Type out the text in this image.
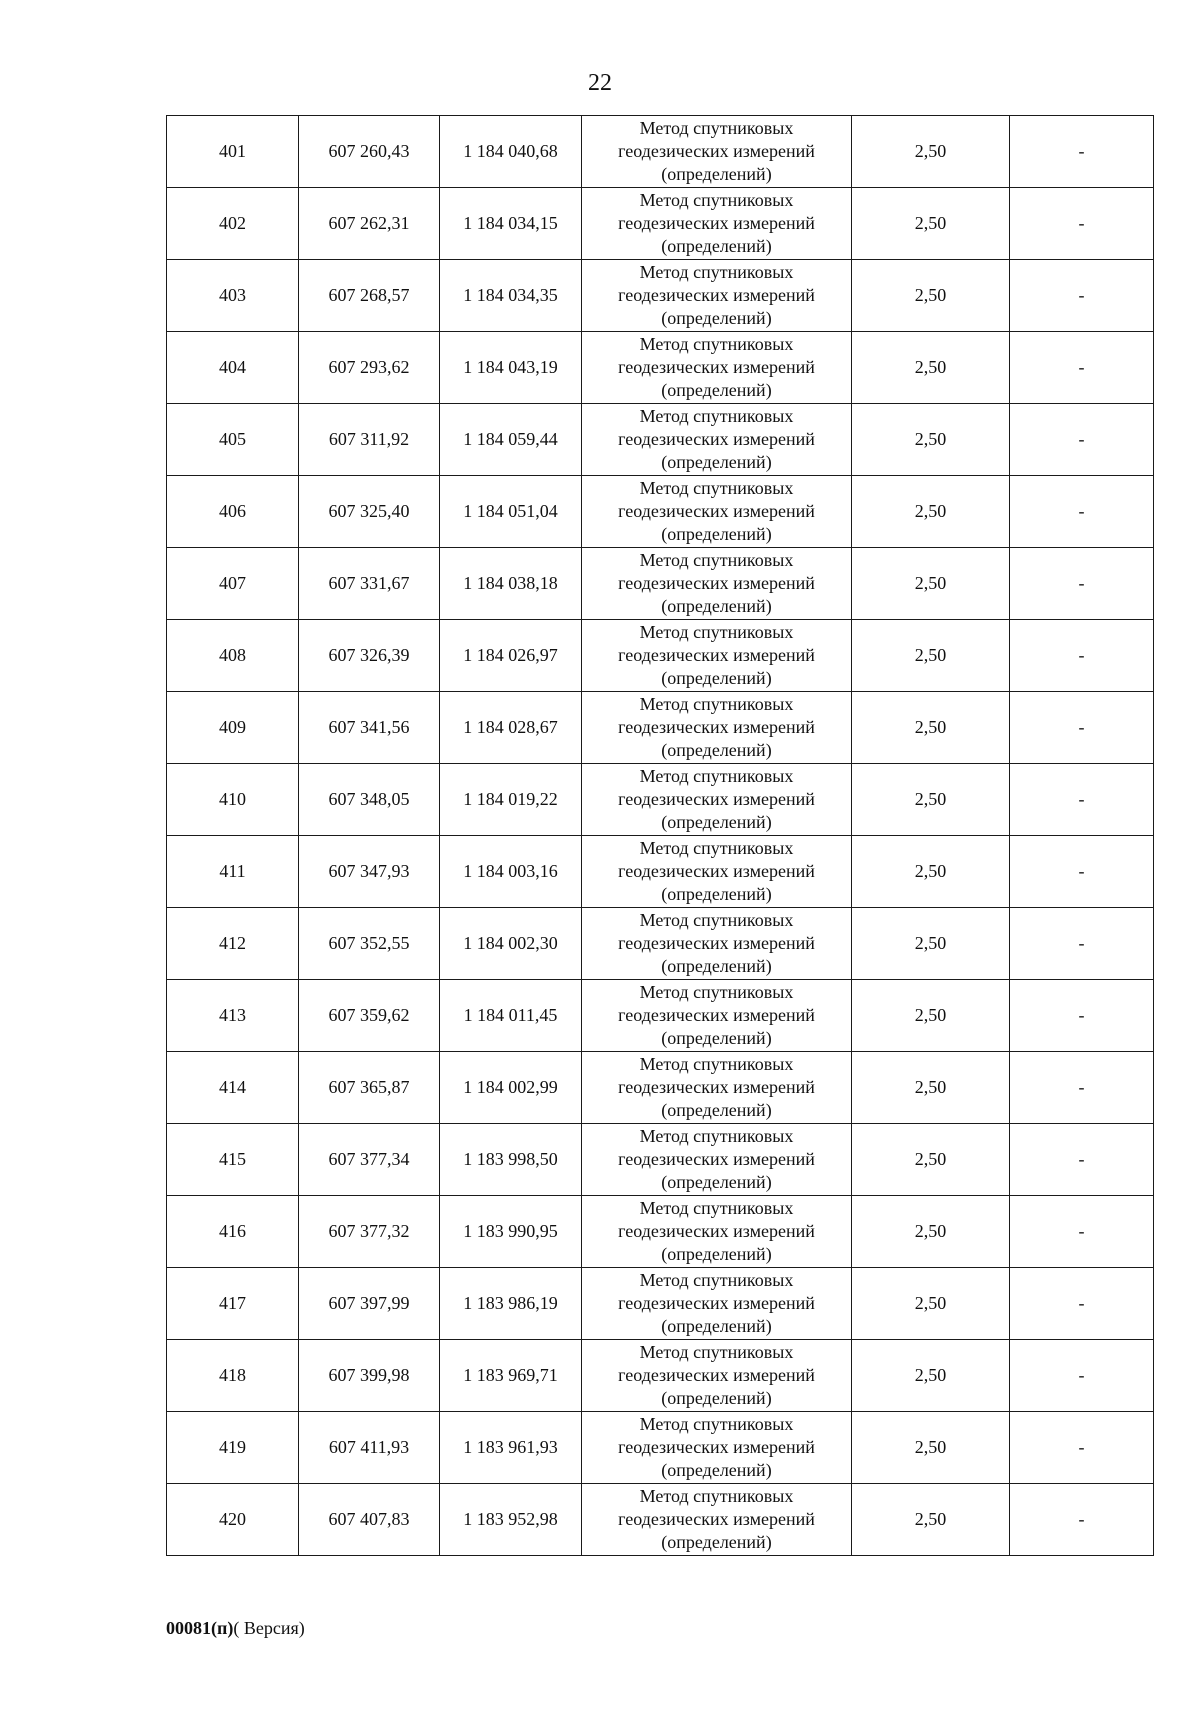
22
401	607 260,43	1 184 040,68	Метод спутниковых
геодезических измерений
(определений)	2,50	-
402	607 262,31	1 184 034,15	Метод спутниковых
геодезических измерений
(определений)	2,50	-
403	607 268,57	1 184 034,35	Метод спутниковых
геодезических измерений
(определений)	2,50	-
404	607 293,62	1 184 043,19	Метод спутниковых
геодезических измерений
(определений)	2,50	-
405	607 311,92	1 184 059,44	Метод спутниковых
геодезических измерений
(определений)	2,50	-
406	607 325,40	1 184 051,04	Метод спутниковых
геодезических измерений
(определений)	2,50	-
407	607 331,67	1 184 038,18	Метод спутниковых
геодезических измерений
(определений)	2,50	-
408	607 326,39	1 184 026,97	Метод спутниковых
геодезических измерений
(определений)	2,50	-
409	607 341,56	1 184 028,67	Метод спутниковых
геодезических измерений
(определений)	2,50	-
410	607 348,05	1 184 019,22	Метод спутниковых
геодезических измерений
(определений)	2,50	-
411	607 347,93	1 184 003,16	Метод спутниковых
геодезических измерений
(определений)	2,50	-
412	607 352,55	1 184 002,30	Метод спутниковых
геодезических измерений
(определений)	2,50	-
413	607 359,62	1 184 011,45	Метод спутниковых
геодезических измерений
(определений)	2,50	-
414	607 365,87	1 184 002,99	Метод спутниковых
геодезических измерений
(определений)	2,50	-
415	607 377,34	1 183 998,50	Метод спутниковых
геодезических измерений
(определений)	2,50	-
416	607 377,32	1 183 990,95	Метод спутниковых
геодезических измерений
(определений)	2,50	-
417	607 397,99	1 183 986,19	Метод спутниковых
геодезических измерений
(определений)	2,50	-
418	607 399,98	1 183 969,71	Метод спутниковых
геодезических измерений
(определений)	2,50	-
419	607 411,93	1 183 961,93	Метод спутниковых
геодезических измерений
(определений)	2,50	-
420	607 407,83	1 183 952,98	Метод спутниковых
геодезических измерений
(определений)	2,50	-
00081(п)( Версия)
